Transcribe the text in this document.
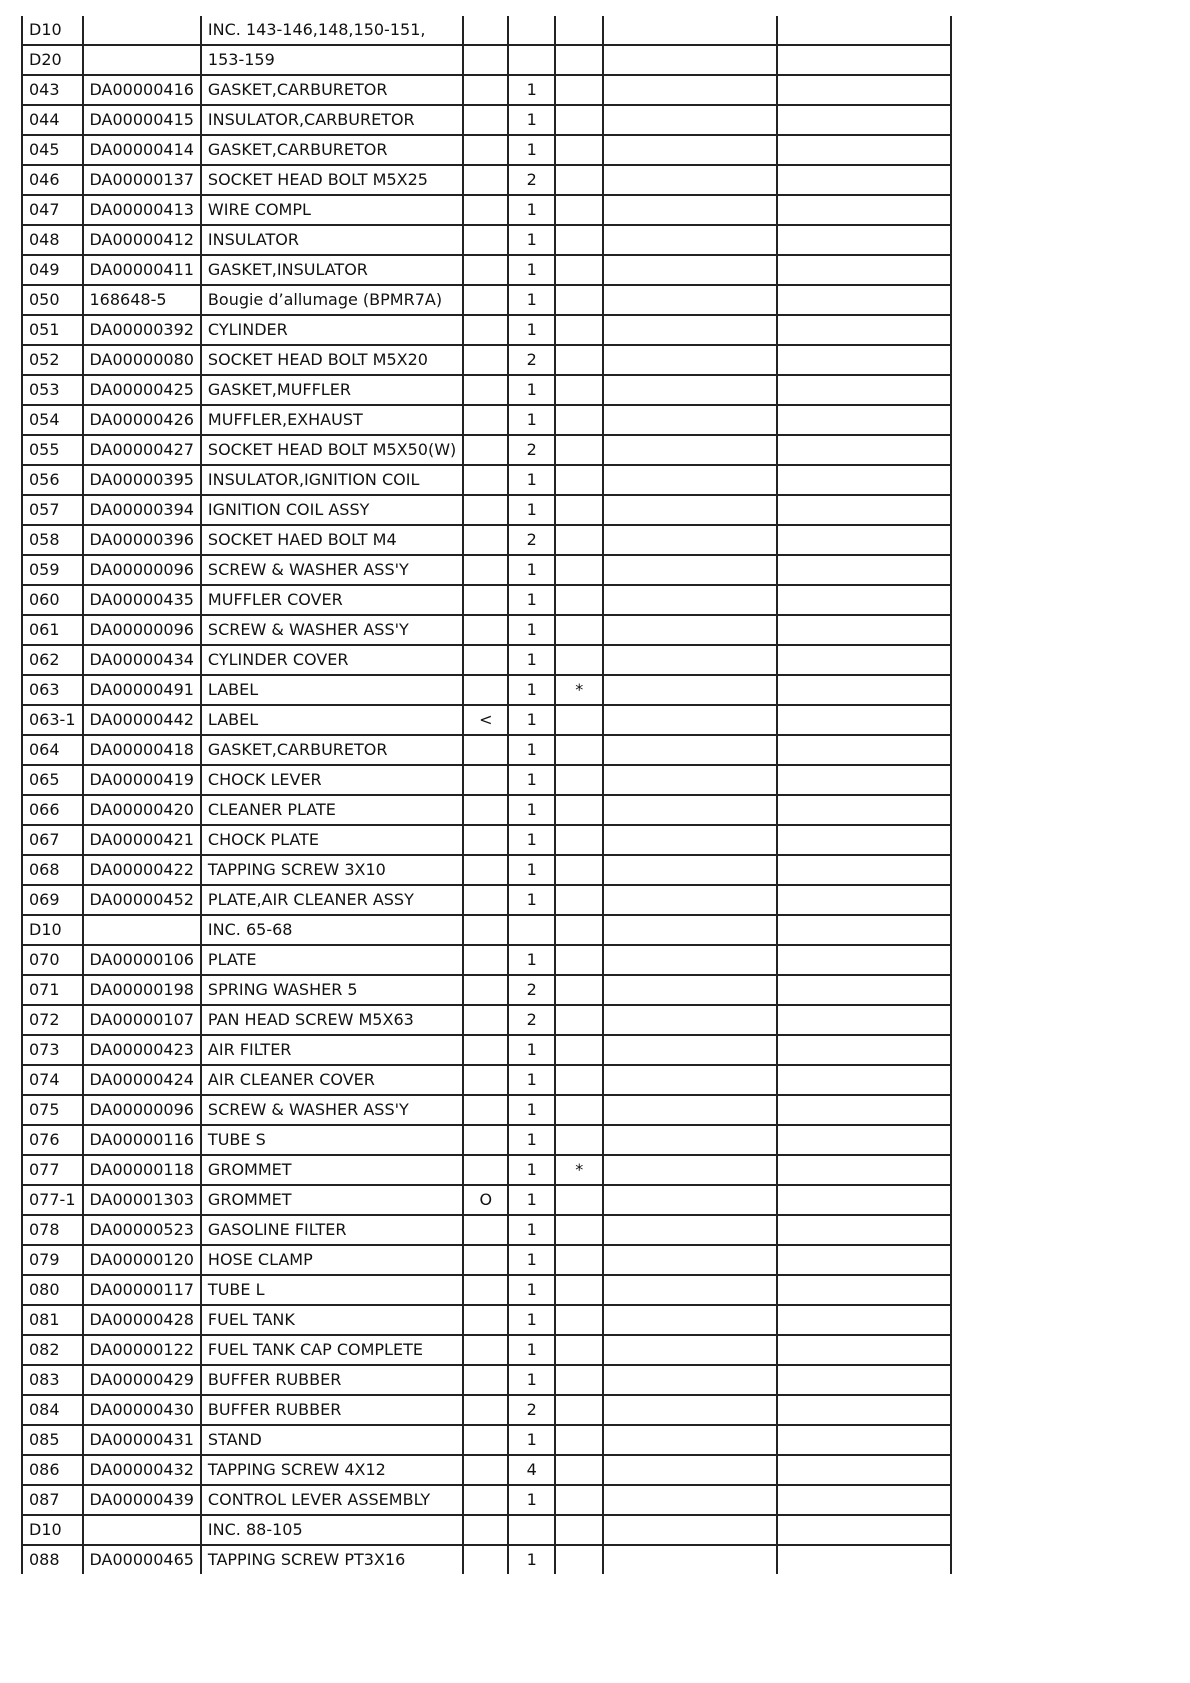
D10		INC. 143-146,148,150-151,					
D20		153-159					
043	DA00000416	GASKET,CARBURETOR		1			
044	DA00000415	INSULATOR,CARBURETOR		1			
045	DA00000414	GASKET,CARBURETOR		1			
046	DA00000137	SOCKET HEAD BOLT M5X25		2			
047	DA00000413	WIRE COMPL		1			
048	DA00000412	INSULATOR		1			
049	DA00000411	GASKET,INSULATOR		1			
050	168648-5	Bougie d’allumage (BPMR7A)		1			
051	DA00000392	CYLINDER		1			
052	DA00000080	SOCKET HEAD BOLT M5X20		2			
053	DA00000425	GASKET,MUFFLER		1			
054	DA00000426	MUFFLER,EXHAUST		1			
055	DA00000427	SOCKET HEAD BOLT M5X50(W)		2			
056	DA00000395	INSULATOR,IGNITION COIL		1			
057	DA00000394	IGNITION COIL ASSY		1			
058	DA00000396	SOCKET HAED BOLT M4		2			
059	DA00000096	SCREW & WASHER ASS'Y		1			
060	DA00000435	MUFFLER COVER		1			
061	DA00000096	SCREW & WASHER ASS'Y		1			
062	DA00000434	CYLINDER COVER		1			
063	DA00000491	LABEL		1	*		
063-1	DA00000442	LABEL	<	1			
064	DA00000418	GASKET,CARBURETOR		1			
065	DA00000419	CHOCK LEVER		1			
066	DA00000420	CLEANER PLATE		1			
067	DA00000421	CHOCK PLATE		1			
068	DA00000422	TAPPING SCREW 3X10		1			
069	DA00000452	PLATE,AIR CLEANER ASSY		1			
D10		INC. 65-68					
070	DA00000106	PLATE		1			
071	DA00000198	SPRING WASHER 5		2			
072	DA00000107	PAN HEAD SCREW M5X63		2			
073	DA00000423	AIR FILTER		1			
074	DA00000424	AIR CLEANER COVER		1			
075	DA00000096	SCREW & WASHER ASS'Y		1			
076	DA00000116	TUBE S		1			
077	DA00000118	GROMMET		1	*		
077-1	DA00001303	GROMMET	O	1			
078	DA00000523	GASOLINE FILTER		1			
079	DA00000120	HOSE CLAMP		1			
080	DA00000117	TUBE L		1			
081	DA00000428	FUEL TANK		1			
082	DA00000122	FUEL TANK CAP COMPLETE		1			
083	DA00000429	BUFFER RUBBER		1			
084	DA00000430	BUFFER RUBBER		2			
085	DA00000431	STAND		1			
086	DA00000432	TAPPING SCREW 4X12		4			
087	DA00000439	CONTROL LEVER ASSEMBLY		1			
D10		INC. 88-105					
088	DA00000465	TAPPING SCREW PT3X16		1			
